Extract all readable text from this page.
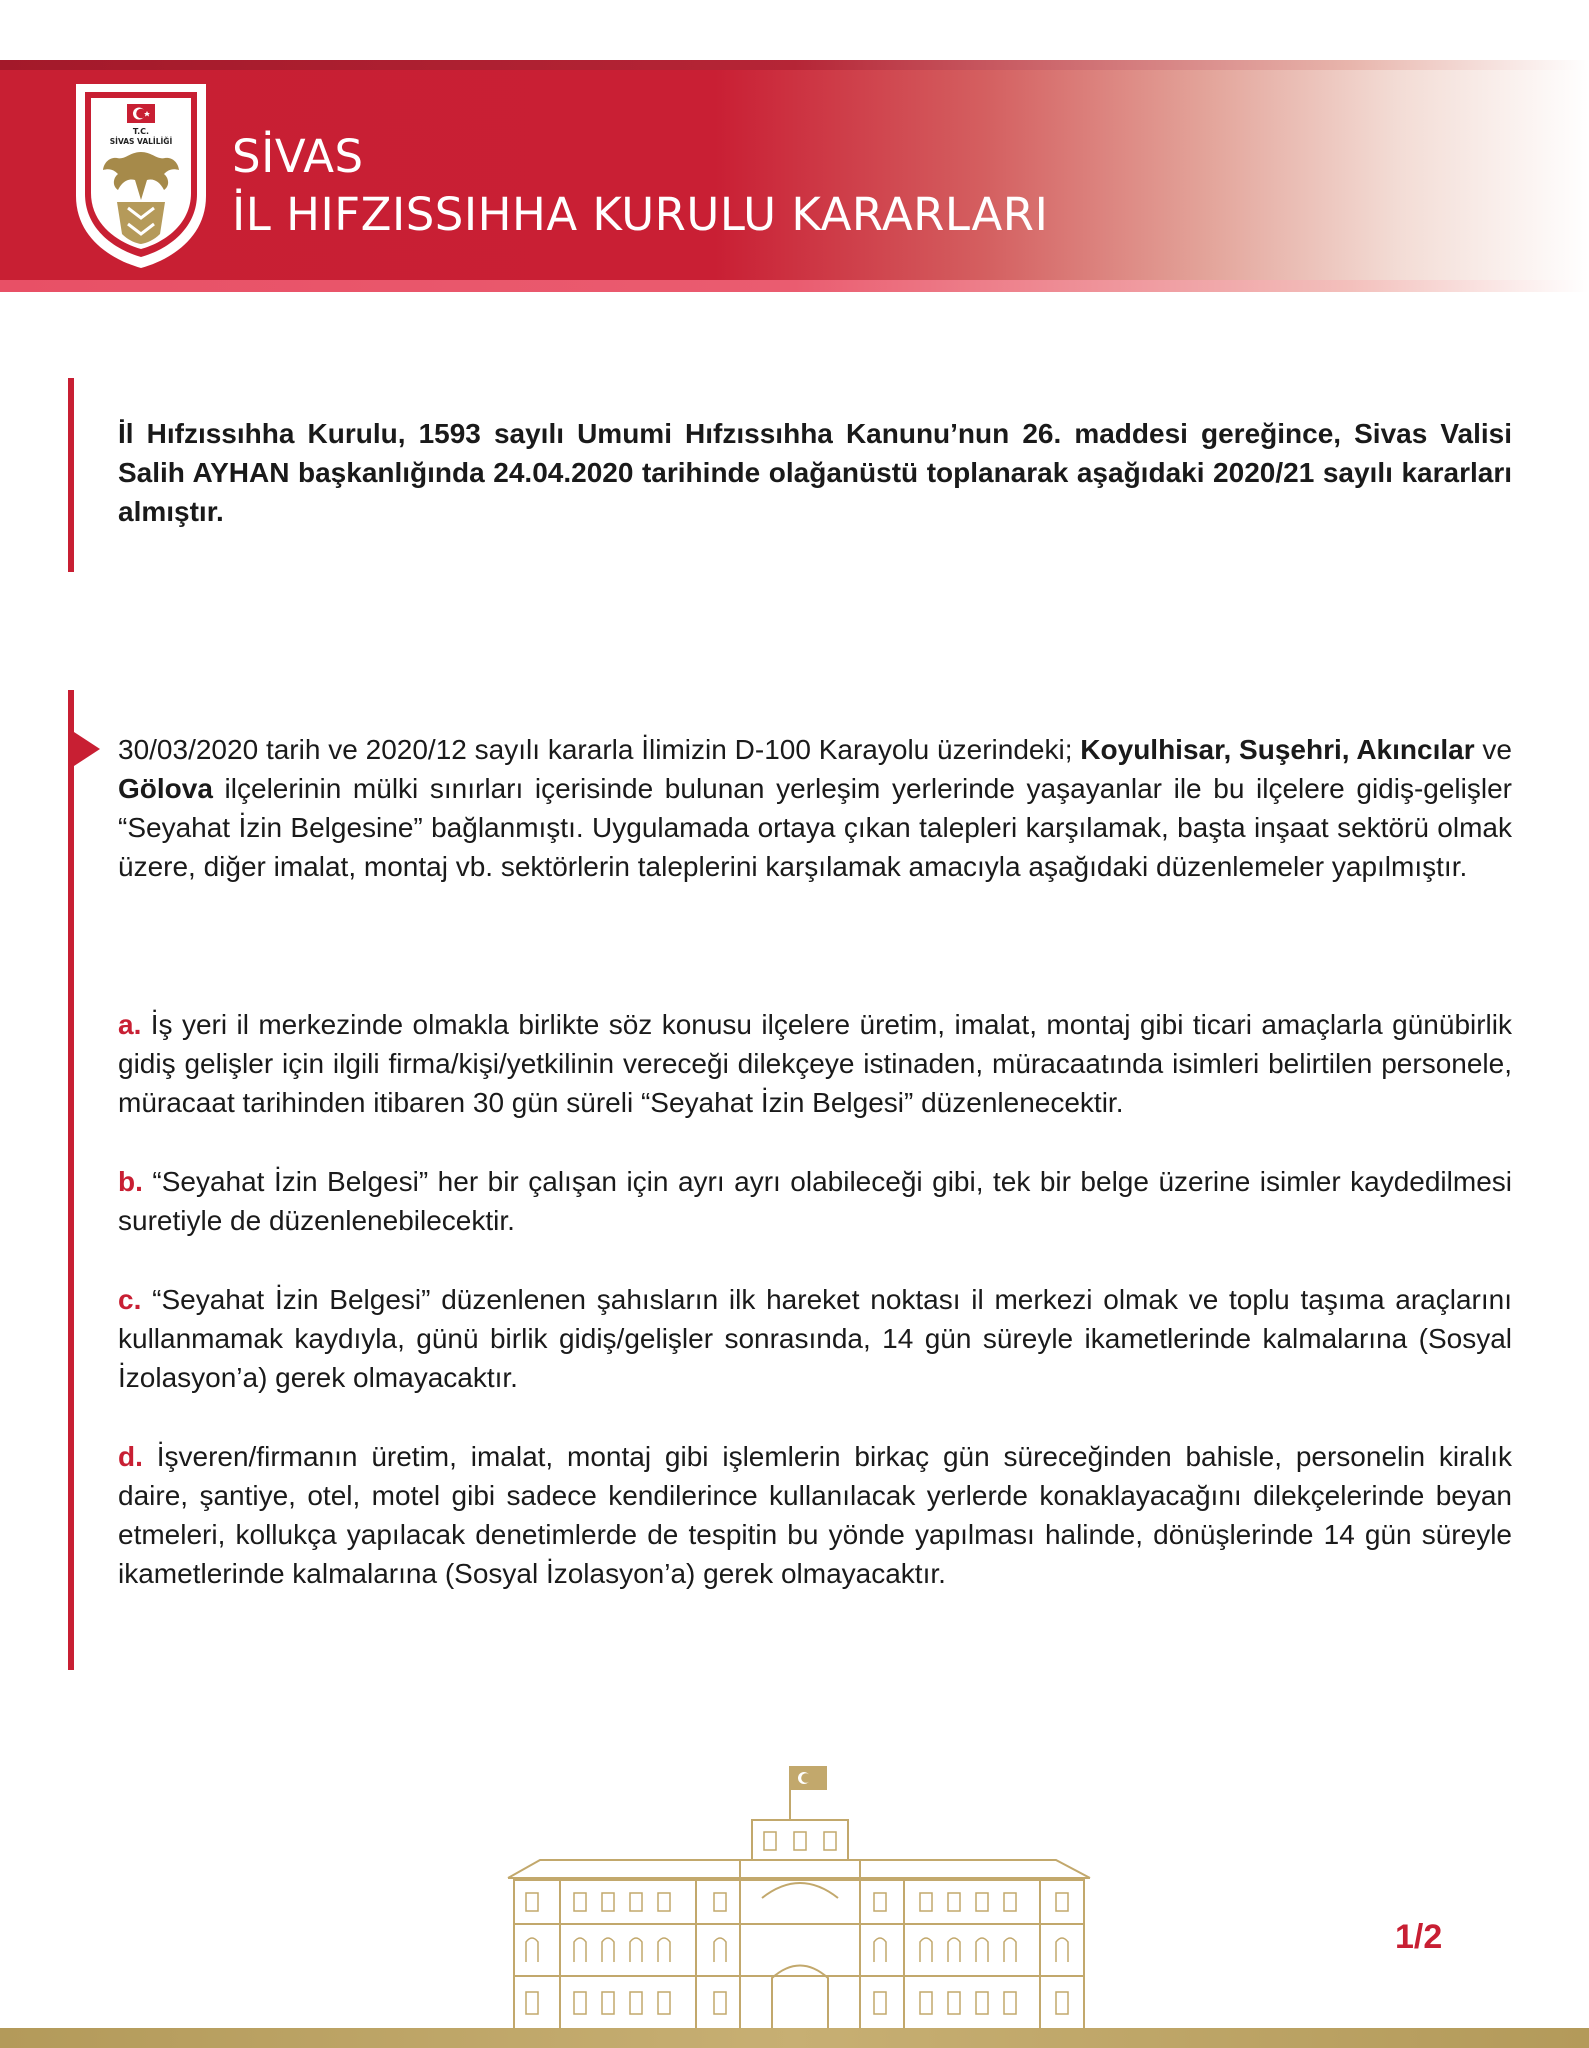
T.C.
SİVAS VALİLİĞİ SİVAS
İL HIFZISSIHHA KURULU KARARLARI
İl Hıfzıssıhha Kurulu, 1593 sayılı Umumi Hıfzıssıhha Kanunu’nun 26. maddesi gereğince, Sivas Valisi Salih AYHAN başkanlığında 24.04.2020 tarihinde olağanüstü toplanarak aşağıdaki 2020/21 sayılı kararları almıştır.

30/03/2020 tarih ve 2020/12 sayılı kararla İlimizin D-100 Karayolu üzerindeki; Koyulhisar, Suşehri, Akıncılar ve Gölova ilçelerinin mülki sınırları içerisinde bulunan yerleşim yerlerinde yaşayanlar ile bu ilçelere gidiş-gelişler “Seyahat İzin Belgesine” bağlanmıştı. Uygulamada ortaya çıkan talepleri karşılamak, başta inşaat sektörü olmak üzere, diğer imalat, montaj vb. sektörlerin taleplerini karşılamak amacıyla aşağıdaki düzenlemeler yapılmıştır.

a. İş yeri il merkezinde olmakla birlikte söz konusu ilçelere üretim, imalat, montaj gibi ticari amaçlarla günübirlik gidiş gelişler için ilgili firma/kişi/yetkilinin vereceği dilekçeye istinaden, müracaatında isimleri belirtilen personele, müracaat tarihinden itibaren 30 gün süreli “Seyahat İzin Belgesi” düzenlenecektir.

b. “Seyahat İzin Belgesi” her bir çalışan için ayrı ayrı olabileceği gibi, tek bir belge üzerine isimler kaydedilmesi suretiyle de düzenlenebilecektir.

c. “Seyahat İzin Belgesi” düzenlenen şahısların ilk hareket noktası il merkezi olmak ve toplu taşıma araçlarını kullanmamak kaydıyla, günü birlik gidiş/gelişler sonrasında, 14 gün süreyle ikametlerinde kalmalarına (Sosyal İzolasyon’a) gerek olmayacaktır.

d. İşveren/firmanın üretim, imalat, montaj gibi işlemlerin birkaç gün süreceğinden bahisle, personelin kiralık daire, şantiye, otel, motel gibi sadece kendilerince kullanılacak yerlerde konaklayacağını dilekçelerinde beyan etmeleri, kollukça yapılacak denetimlerde de tespitin bu yönde yapılması halinde, dönüşlerinde 14 gün süreyle ikametlerinde kalmalarına (Sosyal İzolasyon’a) gerek olmayacaktır.

1/2
